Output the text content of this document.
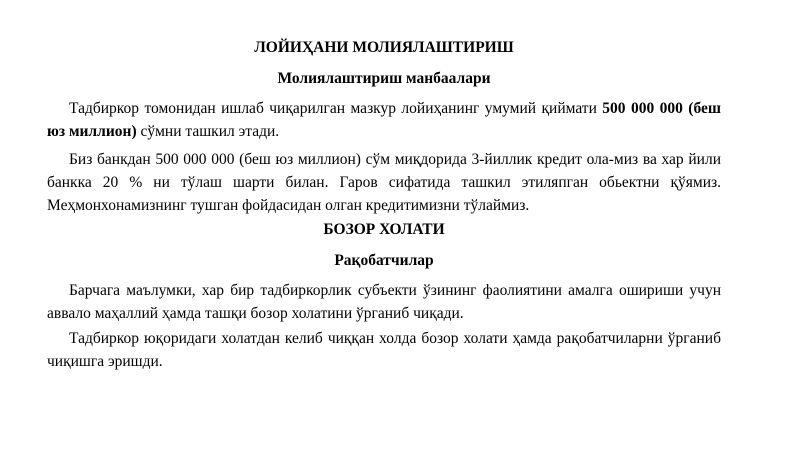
ЛОЙИҲАНИ МОЛИЯЛАШТИРИШ
Молиялаштириш манбаалари
Тадбиркор томонидан ишлаб чиқарилган мазкур лойиҳанинг умумий қиймати 500 000 000 (беш юз миллион) сўмни ташкил этади.
Биз банкдан 500 000 000 (беш юз миллион) сўм миқдорида 3-йиллик кредит ола-миз ва хар йили банкка 20 % ни тўлаш шарти билан. Гаров сифатида ташкил этиляпган обьектни қўямиз. Меҳмонхонамизнинг тушган фойдасидан олган кредитимизни тўлаймиз.
БОЗОР ХОЛАТИ
Рақобатчилар
Барчага маълумки, хар бир тадбиркорлик субъекти ўзининг фаолиятини амалга ошириши учун аввало маҳаллий ҳамда ташқи бозор холатини ўрганиб чиқади.
Тадбиркор юқоридаги холатдан келиб чиққан холда бозор холати ҳамда рақобатчиларни ўрганиб чиқишга эришди.
